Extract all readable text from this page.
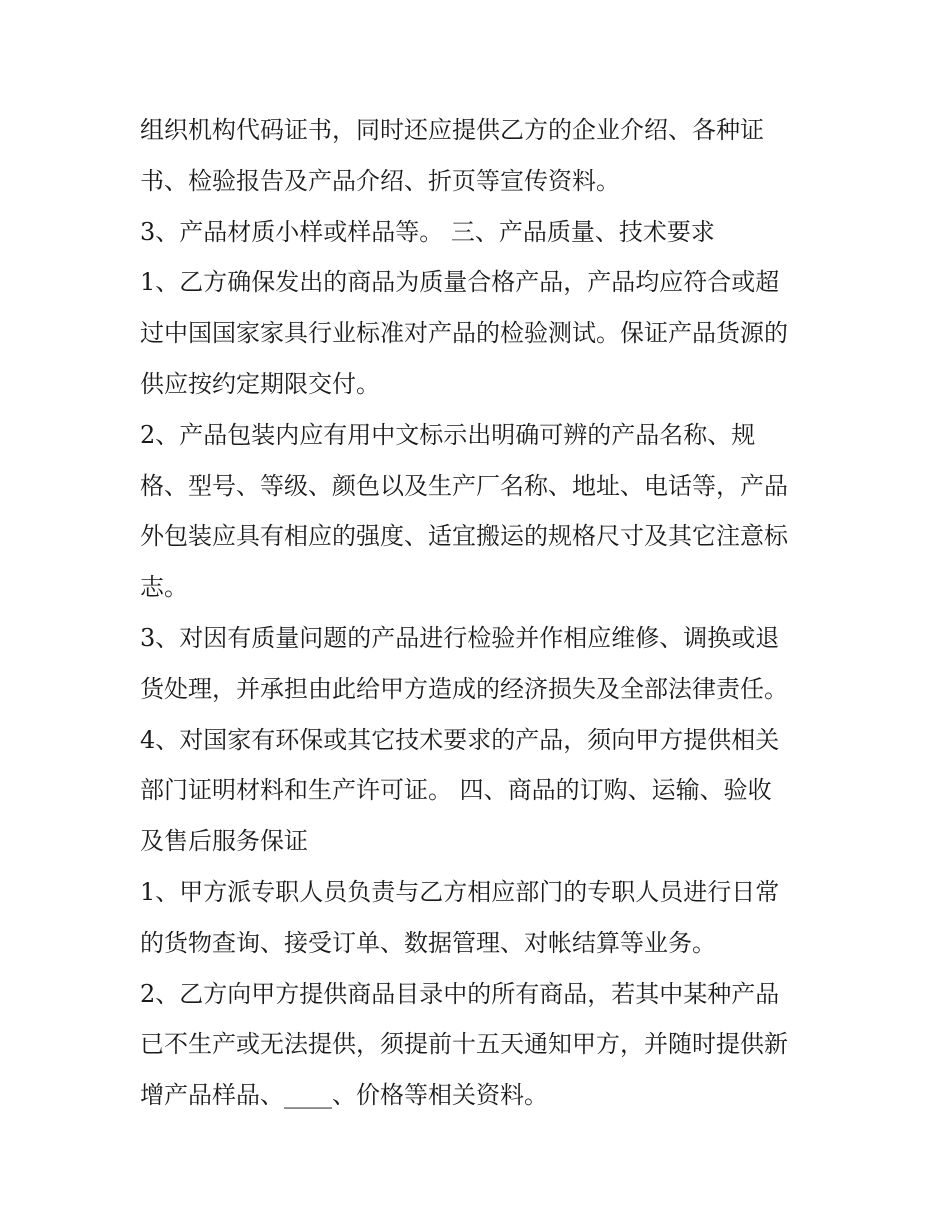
组织机构代码证书，同时还应提供乙方的企业介绍、各种证
书、检验报告及产品介绍、折页等宣传资料。
3、产品材质小样或样品等。 三、产品质量、技术要求
1、乙方确保发出的商品为质量合格产品，产品均应符合或超
过中国国家家具行业标准对产品的检验测试。保证产品货源的
供应按约定期限交付。
2、产品包装内应有用中文标示出明确可辨的产品名称、规
格、型号、等级、颜色以及生产厂名称、地址、电话等，产品
外包装应具有相应的强度、适宜搬运的规格尺寸及其它注意标
志。
3、对因有质量问题的产品进行检验并作相应维修、调换或退
货处理，并承担由此给甲方造成的经济损失及全部法律责任。
4、对国家有环保或其它技术要求的产品，须向甲方提供相关
部门证明材料和生产许可证。 四、商品的订购、运输、验收
及售后服务保证
1、甲方派专职人员负责与乙方相应部门的专职人员进行日常
的货物查询、接受订单、数据管理、对帐结算等业务。
2、乙方向甲方提供商品目录中的所有商品，若其中某种产品
已不生产或无法提供，须提前十五天通知甲方，并随时提供新
增产品样品、____、价格等相关资料。
